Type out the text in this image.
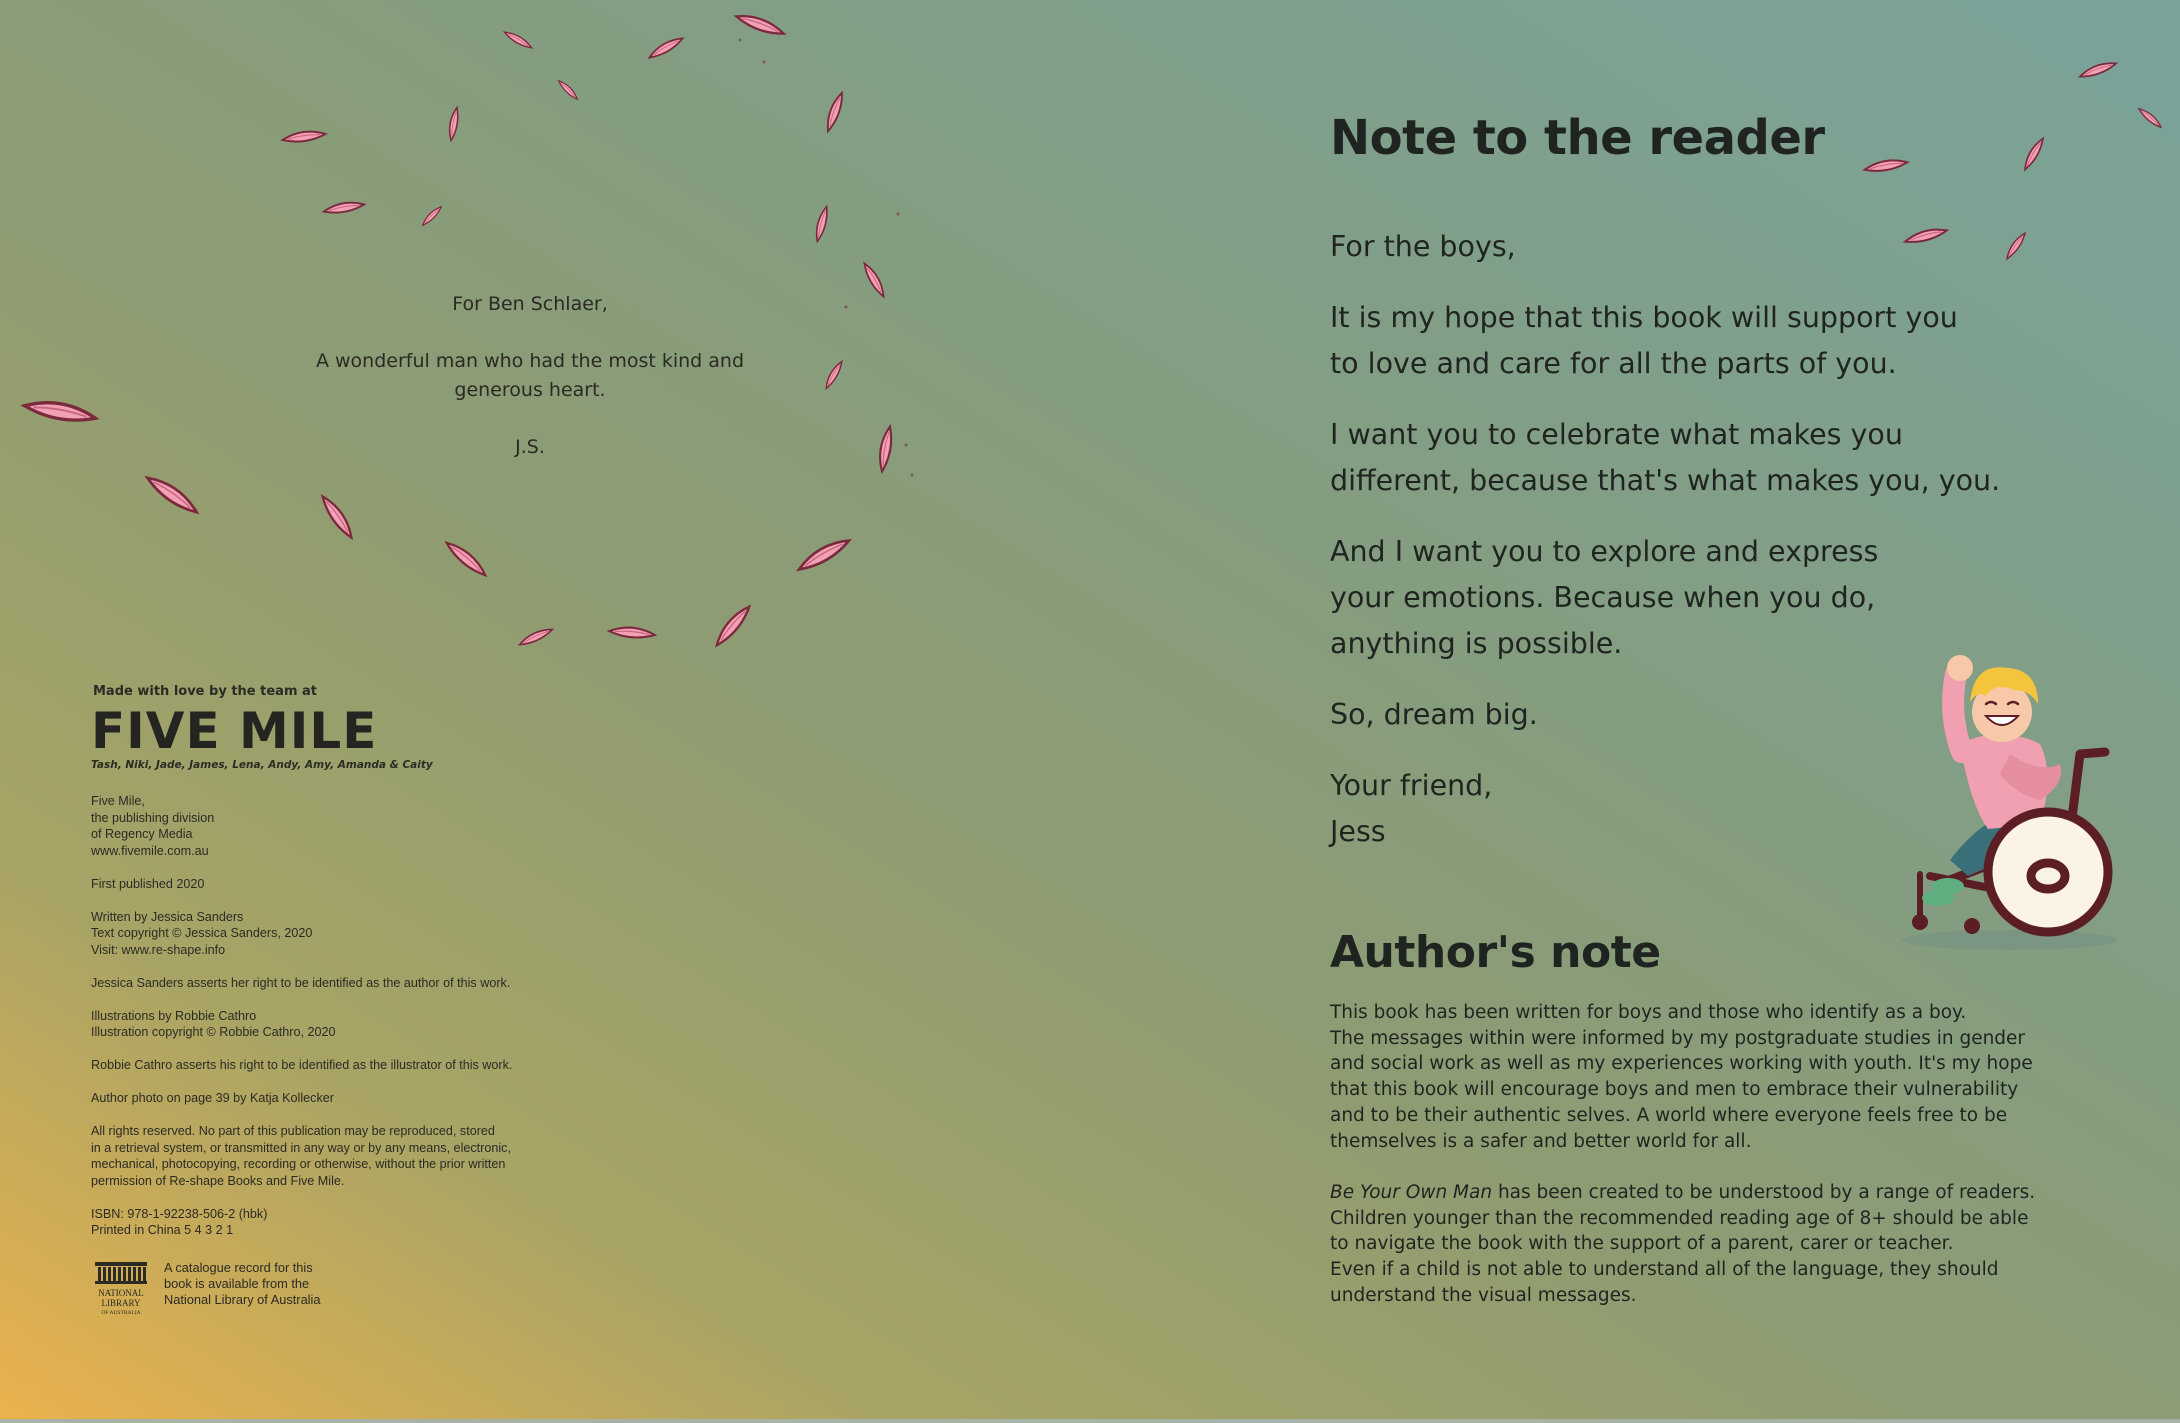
For Ben Schlaer,

A wonderful man who had the most kind and
generous heart.

J.S.

Made with love by the team at
FIVE MILE
Tash, Niki, Jade, James, Lena, Andy, Amy, Amanda & Caity
Five Mile,
the publishing division
of Regency Media
www.fivemile.com.au
First published 2020
Written by Jessica Sanders
Text copyright © Jessica Sanders, 2020
Visit: www.re-shape.info
Jessica Sanders asserts her right to be identified as the author of this work.
Illustrations by Robbie Cathro
Illustration copyright © Robbie Cathro, 2020
Robbie Cathro asserts his right to be identified as the illustrator of this work.
Author photo on page 39 by Katja Kollecker
All rights reserved. No part of this publication may be reproduced, stored
in a retrieval system, or transmitted in any way or by any means, electronic,
mechanical, photocopying, recording or otherwise, without the prior written
permission of Re-shape Books and Five Mile.
ISBN: 978-1-92238-506-2 (hbk)
Printed in China 5 4 3 2 1
NATIONAL
LIBRARY
OF AUSTRALIA
A catalogue record for this
book is available from the
National Library of Australia
Note to the reader

For the boys,

It is my hope that this book will support you
to love and care for all the parts of you.

I want you to celebrate what makes you
different, because that's what makes you, you.

And I want you to explore and express
your emotions. Because when you do,
anything is possible.

So, dream big.

Your friend,
Jess

Author's note

This book has been written for boys and those who identify as a boy.
The messages within were informed by my postgraduate studies in gender
and social work as well as my experiences working with youth. It's my hope
that this book will encourage boys and men to embrace their vulnerability
and to be their authentic selves. A world where everyone feels free to be
themselves is a safer and better world for all.

Be Your Own Man has been created to be understood by a range of readers.
Children younger than the recommended reading age of 8+ should be able
to navigate the book with the support of a parent, carer or teacher.
Even if a child is not able to understand all of the language, they should
understand the visual messages.
